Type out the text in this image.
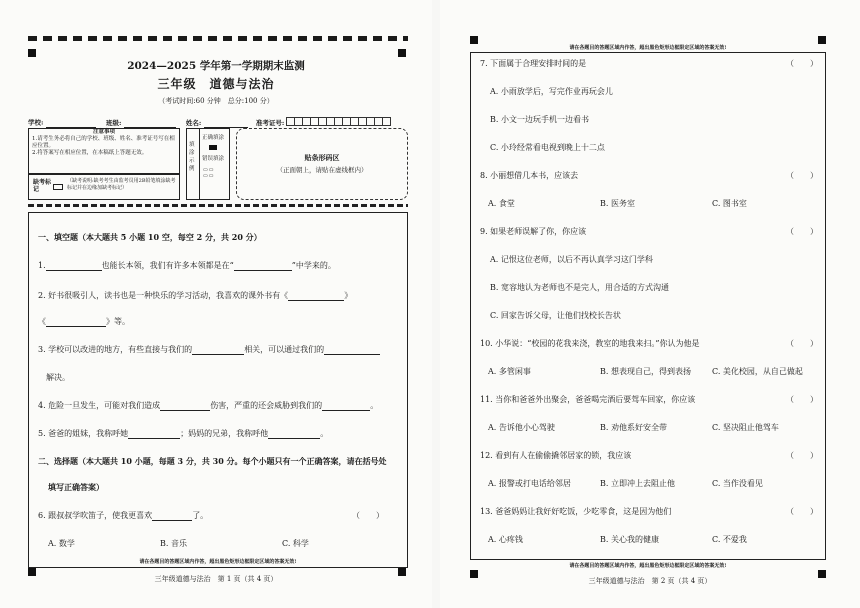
2024—2025 学年第一学期期末监测
三年级　道德与法治
（考试时间:60 分钟　总分:100 分）
学校:	班级:	姓名:	准考证号:
注意事项
1.请考生务必将自己的学校、班级、姓名、准考证号写在相应位置。
2.将答案写在相应位置，在本稿纸上答题无效。
缺考标记
（缺考说明:缺考考生由监考员用2B铅笔填涂缺考标记并在边缘加缺考标记）
填涂示例
正确填涂
错误填涂
▭▭
▭▭
贴条形码区
（正面朝上，请贴在虚线框内）
一、填空题（本大题共 5 小题 10 空，每空 2 分，共 20 分）
1.	也能长本领，我们有许多本领都是在“	”中学来的。
2. 好书很吸引人，读书也是一种快乐的学习活动，我喜欢的课外书有《	》
《	》等。
3. 学校可以改进的地方，有些直接与我们的	相关，可以通过我们的
解决。
4. 危险一旦发生，可能对我们造成	伤害，严重的还会威胁到我们的	。
5. 爸爸的姐妹，我称呼她	；妈妈的兄弟，我称呼他	。
二、选择题（本大题共 10 小题，每题 3 分，共 30 分。每个小题只有一个正确答案，请在括号处
填写正确答案）
6. 跟叔叔学吹笛子，使我更喜欢	了。	（　　）
A. 数学	B. 音乐	C. 科学
请在各题目的答题区域内作答，超出黑色矩形边框限定区域的答案无效!
三年级道德与法治　第 1 页（共 4 页）
请在各题目的答题区域内作答，超出黑色矩形边框限定区域的答案无效!
7. 下面属于合理安排时间的是	（　　）
A. 小雨放学后，写完作业再玩会儿
B. 小文一边玩手机一边看书
C. 小玲经常看电视到晚上十二点
8. 小丽想借几本书，应该去	（　　）
A. 食堂	B. 医务室	C. 图书室
9. 如果老师误解了你，你应该	（　　）
A. 记恨这位老师，以后不再认真学习这门学科
B. 宽容地认为老师也不是完人，用合适的方式沟通
C. 回家告诉父母，让他们找校长告状
10. 小华说：“校园的花我来浇，教室的地我来扫。”你认为他是	（　　）
A. 多管闲事	B. 想表现自己，得到表扬	C. 美化校园，从自己做起
11. 当你和爸爸外出聚会，爸爸喝完酒后要驾车回家，你应该	（　　）
A. 告诉他小心驾驶	B. 劝他系好安全带	C. 坚决阻止他驾车
12. 看到有人在偷偷撬邻居家的锁，我应该	（　　）
A. 报警或打电话给邻居	B. 立即冲上去阻止他	C. 当作没看见
13. 爸爸妈妈让我好好吃饭，少吃零食，这是因为他们	（　　）
A. 心疼钱	B. 关心我的健康	C. 不爱我
请在各题目的答题区域内作答，超出黑色矩形边框限定区域的答案无效!
三年级道德与法治　第 2 页（共 4 页）
